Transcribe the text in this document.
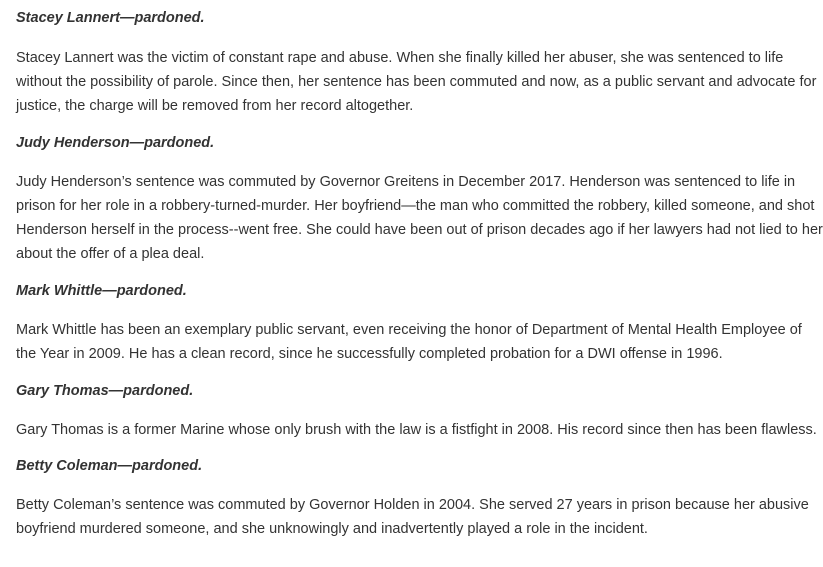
Stacey Lannert—pardoned.

Stacey Lannert was the victim of constant rape and abuse. When she finally killed her abuser, she was sentenced to life
without the possibility of parole. Since then, her sentence has been commuted and now, as a public servant and advocate for
justice, the charge will be removed from her record altogether.

Judy Henderson—pardoned.

Judy Henderson’s sentence was commuted by Governor Greitens in December 2017. Henderson was sentenced to life in
prison for her role in a robbery-turned-murder. Her boyfriend—the man who committed the robbery, killed someone, and shot
Henderson herself in the process--went free. She could have been out of prison decades ago if her lawyers had not lied to her
about the offer of a plea deal.

Mark Whittle—pardoned.

Mark Whittle has been an exemplary public servant, even receiving the honor of Department of Mental Health Employee of
the Year in 2009. He has a clean record, since he successfully completed probation for a DWI offense in 1996.

Gary Thomas—pardoned.

Gary Thomas is a former Marine whose only brush with the law is a fistfight in 2008. His record since then has been flawless.

Betty Coleman—pardoned.

Betty Coleman’s sentence was commuted by Governor Holden in 2004. She served 27 years in prison because her abusive
boyfriend murdered someone, and she unknowingly and inadvertently played a role in the incident.
